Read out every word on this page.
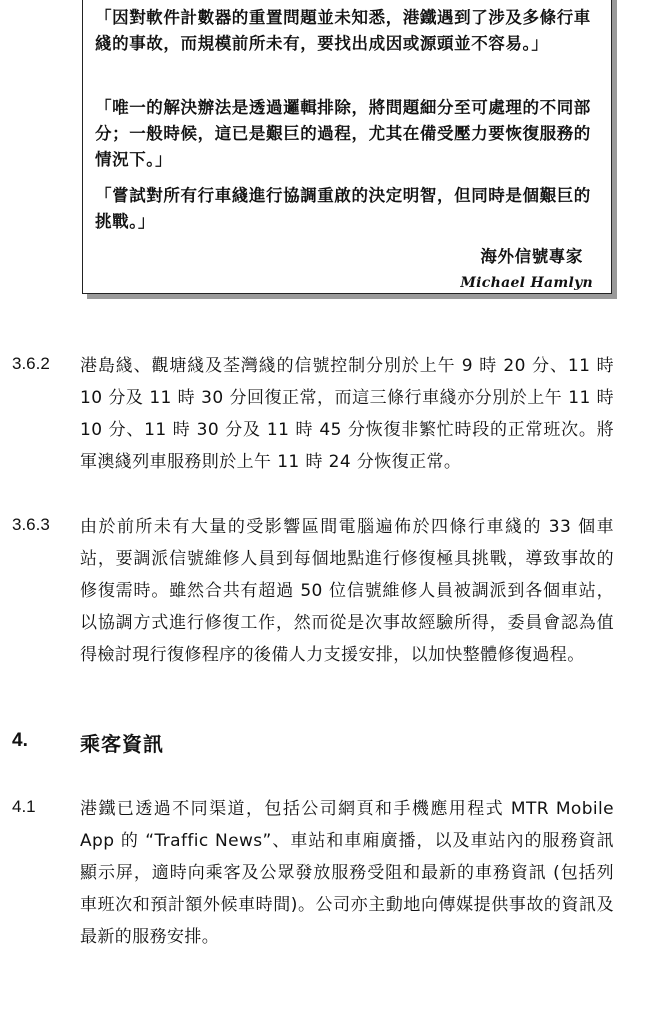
「因對軟件計數器的重置問題並未知悉，港鐵遇到了涉及多條行車綫的事故，而規模前所未有，要找出成因或源頭並不容易。」
「唯一的解決辦法是透過邏輯排除，將問題細分至可處理的不同部分；一般時候，這已是艱巨的過程，尤其在備受壓力要恢復服務的情況下。」
「嘗試對所有行車綫進行協調重啟的決定明智，但同時是個艱巨的挑戰。」
海外信號專家
Michael Hamlyn
3.6.2 港島綫、觀塘綫及荃灣綫的信號控制分別於上午 9 時 20 分、11 時 10 分及 11 時 30 分回復正常，而這三條行車綫亦分別於上午 11 時 10 分、11 時 30 分及 11 時 45 分恢復非繁忙時段的正常班次。將軍澳綫列車服務則於上午 11 時 24 分恢復正常。
3.6.3 由於前所未有大量的受影響區間電腦遍佈於四條行車綫的 33 個車站，要調派信號維修人員到每個地點進行修復極具挑戰，導致事故的修復需時。雖然合共有超過 50 位信號維修人員被調派到各個車站，以協調方式進行修復工作，然而從是次事故經驗所得，委員會認為值得檢討現行復修程序的後備人力支援安排，以加快整體修復過程。
4.	乘客資訊
4.1	港鐵已透過不同渠道，包括公司網頁和手機應用程式 MTR Mobile App 的 “Traffic News”、車站和車廂廣播，以及車站內的服務資訊顯示屏，適時向乘客及公眾發放服務受阻和最新的車務資訊 (包括列車班次和預計額外候車時間)。公司亦主動地向傳媒提供事故的資訊及最新的服務安排。
